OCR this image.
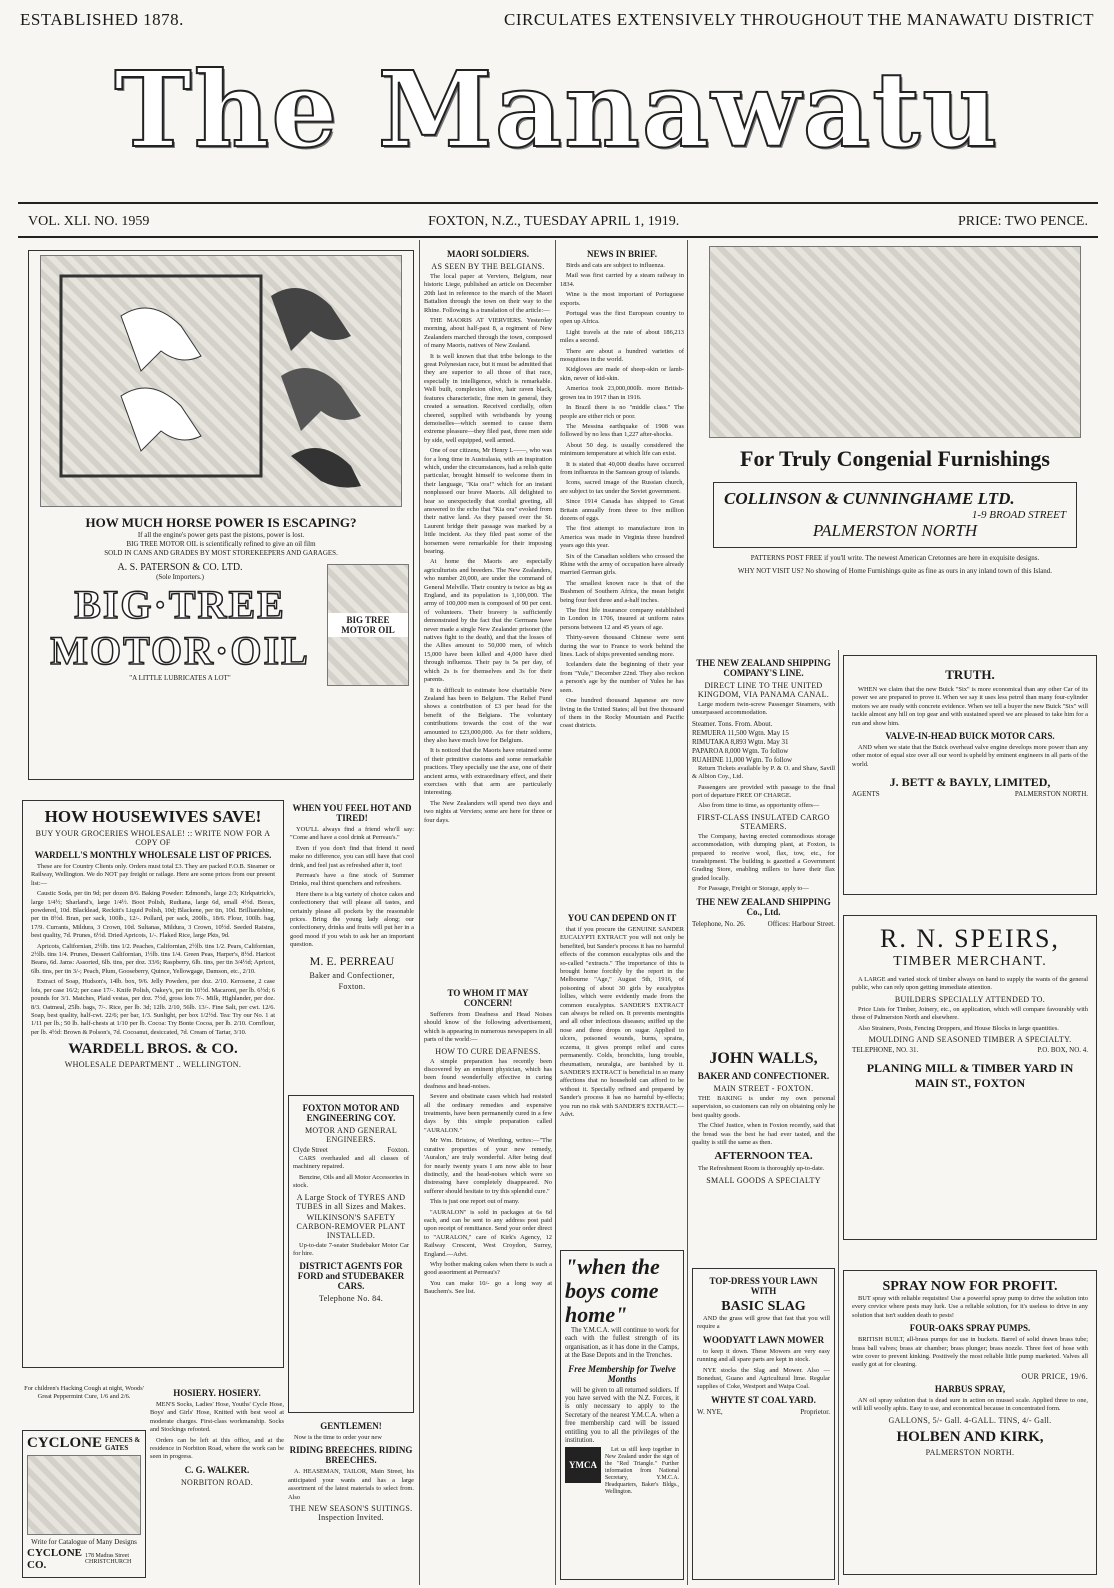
ESTABLISHED 1878.	CIRCULATES EXTENSIVELY THROUGHOUT THE MANAWATU DISTRICT
The Manawatu
VOL. XLI. NO. 1959	FOXTON, N.Z., TUESDAY APRIL 1, 1919.	PRICE: TWO PENCE.
HOW MUCH HORSE POWER IS ESCAPING?
If all the engine's power gets past the pistons, power is lost.
BIG TREE MOTOR OIL is scientifically refined to give an oil film
SOLD IN CANS AND GRADES BY MOST STOREKEEPERS AND GARAGES.
A. S. PATERSON & CO. LTD.
(Sole Importers.)
BIG·TREE
MOTOR·OIL
"A LITTLE LUBRICATES A LOT"
BIG TREE MOTOR OIL
HOW HOUSEWIVES SAVE!
BUY YOUR GROCERIES WHOLESALE! :: WRITE NOW FOR A COPY OF
WARDELL'S MONTHLY WHOLESALE LIST OF PRICES.

These are for Country Clients only. Orders must total £3. They are packed F.O.B. Steamer or Railway, Wellington. We do NOT pay freight or railage. Here are some prices from our present list:—

Caustic Soda, per tin 9d; per dozen 8/6. Baking Powder: Edmond's, large 2/3; Kirkpatrick's, large 1/4½; Sharland's, large 1/4½. Boot Polish, Rudiana, large 6d, small 4½d. Borax, powdered, 10d. Blacklead, Reckitt's Liquid Polish, 10d; Blackene, per tin, 10d. Brilliantshine, per tin 8½d. Bran, per sack, 100lb., 12/-. Pollard, per sack, 200lb., 18/6. Flour, 100lb. bag, 17/9. Currants, Mildura, 3 Crown, 10d. Sultanas, Mildura, 3 Crown, 10½d. Seeded Raisins, best quality, 7d. Prunes, 6½d. Dried Apricots, 1/-. Flaked Rice, large Pkts, 9d.

Apricots, Californian, 2½lb. tins 1/2. Peaches, Californian, 2½lb. tins 1/2. Pears, Californian, 2½lb. tins 1/4. Prunes, Dessert Californian, 1½lb. tins 1/4. Green Peas, Harper's, 8½d. Haricot Beans, 6d. Jams: Assorted, 6lb. tins, per doz. 33/6; Raspberry, 6lb. tins, per tin 3/4½d; Apricot, 6lb. tins, per tin 3/-; Peach, Plum, Gooseberry, Quince, Yellowgage, Damson, etc., 2/10.

Extract of Soap, Hudson's, 14lb. box, 9/6. Jelly Powders, per doz. 2/10. Kerosene, 2 case lots, per case 16/2; per case 17/-. Knife Polish, Oakey's, per tin 10½d. Macaroni, per lb. 6½d; 6 pounds for 3/1. Matches, Plaid vestas, per doz. 7½d, gross lots 7/-. Milk, Highlander, per doz. 8/3. Oatmeal, 25lb. bags, 7/-. Rice, per lb. 3d; 12lb. 2/10, 56lb. 13/-. Fine Salt, per cwt. 12/6. Soap, best quality, half-cwt. 22/6; per bar, 1/3. Sunlight, per box 1/2½d. Tea: Try our No. 1 at 1/11 per lb.; 50 lb. half-chests at 1/10 per lb. Cocoa: Try Bonte Cocoa, per lb. 2/10. Cornflour, per lb. 4½d: Brown & Polson's, 7d. Cocoanut, desiccated, 7d. Cream of Tartar, 3/10.

WARDELL BROS. & CO.
WHOLESALE DEPARTMENT .. WELLINGTON.
For children's Hacking Cough at night, Woods' Great Peppermint Cure, 1/6 and 2/6.
CYCLONE FENCES & GATES
Write for Catalogue of Many Designs
CYCLONE CO.
178 Madras Street CHRISTCHURCH
HOSIERY. HOSIERY.

MEN'S Socks, Ladies' Hose, Youths' Cycle Hose, Boys' and Girls' Hose, Knitted with best wool at moderate charges. First-class workmanship. Socks and Stockings refooted.

Orders can be left at this office, and at the residence in Norbiton Road, where the work can be seen in progress.

C. G. WALKER.
NORBITON ROAD.
WHEN YOU FEEL HOT AND TIRED!

YOU'LL always find a friend who'll say: "Come and have a cool drink at Perreau's."

Even if you don't find that friend it need make no difference, you can still have that cool drink, and feel just as refreshed after it, too!

Perreau's have a fine stock of Summer Drinks, real thirst quenchers and refreshers.

Here there is a big variety of choice cakes and confectionery that will please all tastes, and certainly please all pockets by the reasonable prices. Bring the young lady along; our confectionery, drinks and fruits will put her in a good mood if you wish to ask her an important question.

M. E. PERREAU
Baker and Confectioner,
Foxton.
FOXTON MOTOR AND ENGINEERING COY.
MOTOR AND GENERAL ENGINEERS.
Clyde Street	Foxton.

CARS overhauled and all classes of machinery repaired.

Benzine, Oils and all Motor Accessories in stock.

A Large Stock of TYRES AND TUBES in all Sizes and Makes.
WILKINSON'S SAFETY CARBON-REMOVER PLANT INSTALLED.

Up-to-date 7-seater Studebaker Motor Car for hire.

DISTRICT AGENTS FOR FORD and STUDEBAKER CARS.
Telephone No. 84.
GENTLEMEN!

Now is the time to order your new

RIDING BREECHES. RIDING BREECHES.

A. HEASEMAN, TAILOR, Main Street, his anticipated your wants and has a large assortment of the latest materials to select from. Also

THE NEW SEASON'S SUITINGS. Inspection Invited.
MAORI SOLDIERS.
AS SEEN BY THE BELGIANS.

The local paper at Verviers, Belgium, near historic Liege, published an article on December 20th last in reference to the march of the Maori Battalion through the town on their way to the Rhine. Following is a translation of the article:—

THE MAORIS AT VIERVIERS. Yesterday morning, about half-past 8, a regiment of New Zealanders marched through the town, composed of many Maoris, natives of New Zealand.

It is well known that that tribe belongs to the great Polynesian race, but it must be admitted that they are superior to all those of that race, especially in intelligence, which is remarkable. Well built, complexion olive, hair raven black, features characteristic, fine men in general, they created a sensation. Received cordially, often cheered, supplied with wristbands by young demoiselles—which seemed to cause them extreme pleasure—they filed past, three men side by side, well equipped, well armed.

One of our citizens, Mr Henry L——, who was for a long time in Australasia, with an inspiration which, under the circumstances, had a relish quite particular, brought himself to welcome them in their language, "Kia ora!" which for an instant nonplussed our brave Maoris. All delighted to hear so unexpectedly that cordial greeting, all answered to the echo that "Kia ora" evoked from their native land. As they passed over the St. Laurent bridge their passage was marked by a little incident. As they filed past some of the horsemen were remarkable for their imposing bearing.

At home the Maoris are especially agriculturists and breeders. The New Zealanders, who number 20,000, are under the command of General Melville. Their country is twice as big as England, and its population is 1,100,000. The army of 100,000 men is composed of 90 per cent. of volunteers. Their bravery is sufficiently demonstrated by the fact that the Germans have never made a single New Zealander prisoner (the natives fight to the death), and that the losses of the Allies amount to 50,000 men, of which 15,000 have been killed and 4,000 have died through influenza. Their pay is 5s per day, of which 2s is for themselves and 3s for their parents.

It is difficult to estimate how charitable New Zealand has been to Belgium. The Relief Fund shows a contribution of £3 per head for the benefit of the Belgians. The voluntary contributions towards the cost of the war amounted to £23,000,000. As for their soldiers, they also have much love for Belgium.

It is noticed that the Maoris have retained some of their primitive customs and some remarkable practices. They specially use the axe, one of their ancient arms, with extraordinary effect, and their exercises with that arm are particularly interesting.

The New Zealanders will spend two days and two nights at Verviers; some are here for three or four days.

TO WHOM IT MAY CONCERN!

Sufferers from Deafness and Head Noises should know of the following advertisement, which is appearing in numerous newspapers in all parts of the world:—

HOW TO CURE DEAFNESS.

A simple preparation has recently been discovered by an eminent physician, which has been found wonderfully effective in curing deafness and head-noises.

Severe and obstinate cases which had resisted all the ordinary remedies and expensive treatments, have been permanently cured in a few days by this simple preparation called "AURALON."

Mr Wm. Bristow, of Worthing, writes:—"The curative properties of your new remedy, 'Auralon,' are truly wonderful. After being deaf for nearly twenty years I am now able to hear distinctly, and the head-noises which were so distressing have completely disappeared. No sufferer should hesitate to try this splendid cure."

This is just one report out of many.

"AURALON" is sold in packages at 6s 6d each, and can be sent to any address post paid upon receipt of remittance. Send your order direct to "AURALON," care of Kirk's Agency, 12 Railway Crescent, West Croydon, Surrey, England.—Advt.

Why bother making cakes when there is such a good assortment at Perreau's?

You can make 10/- go a long way at Bauchem's. See list.

NEWS IN BRIEF.

Birds and cats are subject to influenza.

Mail was first carried by a steam railway in 1834.

Wine is the most important of Portuguese exports.

Portugal was the first European country to open up Africa.

Light travels at the rate of about 186,213 miles a second.

There are about a hundred varieties of mosquitoes in the world.

Kidgloves are made of sheep-skin or lamb-skin, never of kid-skin.

America took 23,000,000lb. more British-grown tea in 1917 than in 1916.

In Brazil there is no "middle class." The people are either rich or poor.

The Messina earthquake of 1908 was followed by no less than 1,227 after-shocks.

About 50 deg. is usually considered the minimum temperature at which life can exist.

It is stated that 40,000 deaths have occurred from influenza in the Samoan group of islands.

Icons, sacred image of the Russian church, are subject to tax under the Soviet government.

Since 1914 Canada has shipped to Great Britain annually from three to five million dozens of eggs.

The first attempt to manufacture iron in America was made in Virginia three hundred years ago this year.

Six of the Canadian soldiers who crossed the Rhine with the army of occupation have already married German girls.

The smallest known race is that of the Bushmen of Southern Africa, the mean height being four feet three and a-half inches.

The first life insurance company established in London in 1706, insured at uniform rates persons between 12 and 45 years of age.

Thirty-seven thousand Chinese were sent during the war to France to work behind the lines. Lack of ships prevented sending more.

Icelanders date the beginning of their year from "Yule," December 22nd. They also reckon a person's age by the number of Yules he has seen.

One hundred thousand Japanese are now living in the United States; all but five thousand of them in the Rocky Mountain and Pacific coast districts.

YOU CAN DEPEND ON IT

that if you procure the GENUINE SANDER EUCALYPTI EXTRACT you will not only be benefited, but Sander's process it has no harmful effects of the common eucalyptus oils and the so-called "extracts." The importance of this is brought home forcibly by the report in the Melbourne "Age," August 5th, 1916, of poisoning of about 30 girls by eucalyptus lollies, which were evidently made from the common eucalyptus. SANDER'S EXTRACT can always be relied on. It prevents meningitis and all other infectious diseases; sniffed up the nose and three drops on sugar. Applied to ulcers, poisoned wounds, burns, sprains, eczema, it gives prompt relief and cures permanently. Colds, bronchitis, lung trouble, rheumatism, neuralgia, are banished by it. SANDER'S EXTRACT is beneficial in so many affections that no household can afford to be without it. Specially refined and prepared by Sander's process it has no harmful by-effects; you run no risk with SANDER'S EXTRACT.—Advt.

"when the
boys come
home"

The Y.M.C.A. will continue to work for each with the fullest strength of its organisation, as it has done in the Camps, at the Base Depots and in the Trenches.

Free Membership for Twelve Months

will be given to all returned soldiers. If you have served with the N.Z. Forces, it is only necessary to apply to the Secretary of the nearest Y.M.C.A. when a free membership card will be issued entitling you to all the privileges of the institution.

YMCA

Let us still keep together in New Zealand under the sign of the "Red Triangle." Further information from National Secretary, Y.M.C.A. Headquarters, Baker's Bldgs., Wellington.

For Truly Congenial Furnishings
COLLINSON & CUNNINGHAME LTD.
1-9 BROAD STREET
PALMERSTON NORTH
PATTERNS POST FREE if you'll write. The newest American Cretonnes are here in exquisite designs.
WHY NOT VISIT US? No showing of Home Furnishings quite as fine as ours in any inland town of this Island.
THE NEW ZEALAND SHIPPING COMPANY'S LINE.
DIRECT LINE TO THE UNITED KINGDOM, VIA PANAMA CANAL.

Large modern twin-screw Passenger Steamers, with unsurpassed accommodation.

Steamer. Tons. From. About.
REMUERA 11,500 Wgtn. May 15
RIMUTAKA 8,893 Wgtn. May 31
PAPAROA 8,000 Wgtn. To follow
RUAHINE 11,000 Wgtn. To follow

Return Tickets available by P. & O. and Shaw, Savill & Albion Coy., Ltd.

Passengers are provided with passage to the final port of departure FREE OF CHARGE.

Also from time to time, as opportunity offers—

FIRST-CLASS INSULATED CARGO STEAMERS.

The Company, having erected commodious storage accommodation, with dumping plant, at Foxton, is prepared to receive wool, flax, tow, etc., for transhipment. The building is gazetted a Government Grading Store, enabling millers to have their flax graded locally.

For Passage, Freight or Storage, apply to—

THE NEW ZEALAND SHIPPING Co., Ltd.
Telephone, No. 26.	Offices: Harbour Street.
JOHN WALLS,
BAKER AND CONFECTIONER.
MAIN STREET - FOXTON.

THE BAKING is under my own personal supervision, so customers can rely on obtaining only he best quality goods.

The Chief Justice, when in Foxton recently, said that the bread was the best he had ever tasted, and the quality is still the same as then.

AFTERNOON TEA.

The Refreshment Room is thoroughly up-to-date.

SMALL GOODS A SPECIALTY
TOP-DRESS YOUR LAWN WITH
BASIC SLAG

AND the grass will grow that fast that you will require a

WOODYATT LAWN MOWER

to keep it down. These Mowers are very easy running and all spare parts are kept in stock.

NYE stocks the Slag and Mower. Also — Bonedust, Guano and Agricultural lime. Regular supplies of Coke, Westport and Waipa Coal.

WHYTE ST COAL YARD.
W. NYE,	Proprietor.
TRUTH.

WHEN we claim that the new Buick "Six" is more economical than any other Car of its power we are prepared to prove it. When we say it uses less petrol than many four-cylinder motors we are ready with concrete evidence. When we tell a buyer the new Buick "Six" will tackle almost any hill on top gear and with sustained speed we are pleased to take him for a run and show him.

VALVE-IN-HEAD BUICK MOTOR CARS.

AND when we state that the Buick overhead valve engine develops more power than any other motor of equal size over all our word is upheld by eminent engineers in all parts of the world.

J. BETT & BAYLY, LIMITED,
AGENTS	PALMERSTON NORTH.
R. N. SPEIRS,
TIMBER MERCHANT.

A LARGE and varied stock of timber always on hand to supply the wants of the general public, who can rely upon getting immediate attention.

BUILDERS SPECIALLY ATTENDED TO.

Price Lists for Timber, Joinery, etc., on application, which will compare favourably with those of Palmerston North and elsewhere.

Also Strainers, Posts, Fencing Droppers, and House Blocks in large quantities.

MOULDING AND SEASONED TIMBER A SPECIALTY.
TELEPHONE, NO. 31.	P.O. BOX, NO. 4.
PLANING MILL & TIMBER YARD IN MAIN ST., FOXTON
SPRAY NOW FOR PROFIT.

BUT spray with reliable requisites! Use a powerful spray pump to drive the solution into every crevice where pests may lurk. Use a reliable solution, for it's useless to drive in any solution that isn't sudden death to pests!

FOUR-OAKS SPRAY PUMPS.

BRITISH BUILT, all-brass pumps for use in buckets. Barrel of solid drawn brass tube; brass ball valves; brass air chamber; brass plunger; brass nozzle. Three feet of hose with wire cover to prevent kinking. Positively the most reliable little pump marketed. Valves all easily got at for cleaning.

OUR PRICE, 19/6.
HARBUS SPRAY,

AN oil spray solution that is dead sure in action on mussel scale. Applied three to one, will kill woolly aphis. Easy to use, and economical because in concentrated form.

GALLONS, 5/- Gall. 4-GALL. TINS, 4/- Gall.
HOLBEN AND KIRK,
PALMERSTON NORTH.
